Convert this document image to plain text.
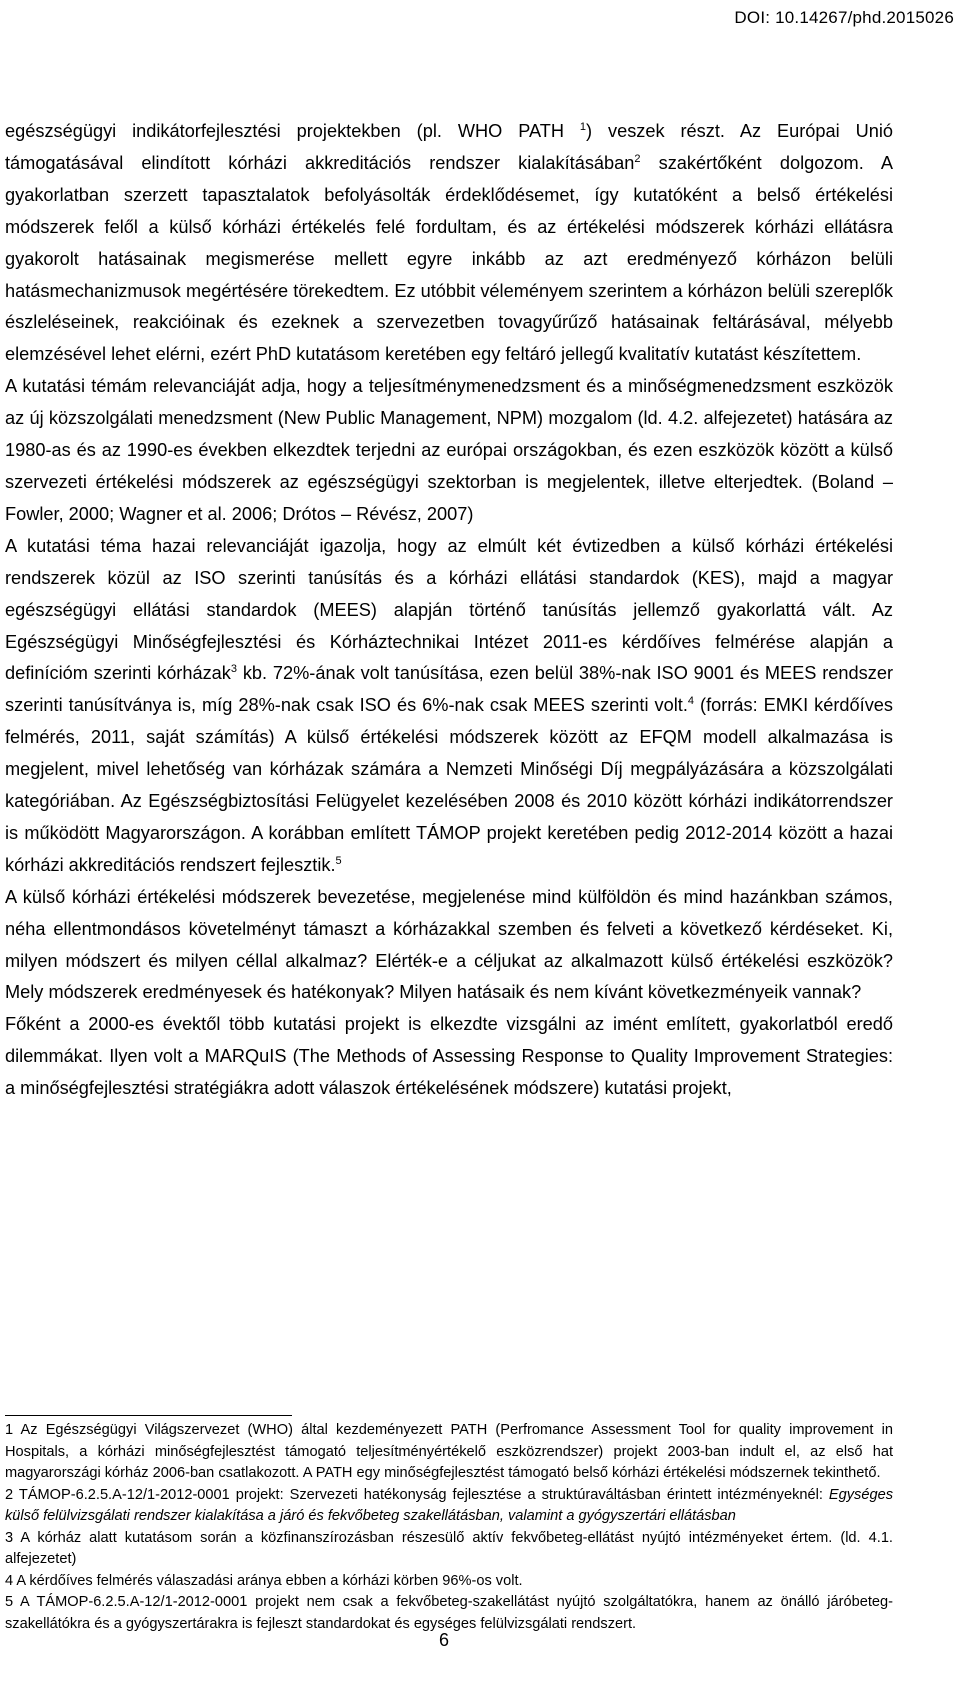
DOI: 10.14267/phd.2015026

egészségügyi indikátorfejlesztési projektekben (pl. WHO PATH $^1$) veszek részt. Az Európai Unió támogatásával elindított kórházi akkreditációs rendszer kialakításában$^2$ szakértőként dolgozom. A gyakorlatban szerzett tapasztalatok befolyásolták érdeklődésemet, így kutatóként a belső értékelési módszerek felől a külső kórházi értékelés felé fordultam, és az értékelési módszerek kórházi ellátásra gyakorolt hatásainak megismerése mellett egyre inkább az azt eredményező kórházon belüli hatásmechanizmusok megértésére törekedtem. Ez utóbbit véleményem szerintem a kórházon belüli szereplők észleléseinek, reakcióinak és ezeknek a szervezetben tovagyűrűző hatásainak feltárásával, mélyebb elemzésével lehet elérni, ezért PhD kutatásom keretében egy feltáró jellegű kvalitatív kutatást készítettem.

A kutatási témám relevanciáját adja, hogy a teljesítménymenedzsment és a minőségmenedzsment eszközök az új közszolgálati menedzsment (New Public Management, NPM) mozgalom (ld. 4.2. alfejezetet) hatására az 1980-as és az 1990-es években elkezdtek terjedni az európai országokban, és ezen eszközök között a külső szervezeti értékelési módszerek az egészségügyi szektorban is megjelentek, illetve elterjedtek. (Boland – Fowler, 2000; Wagner et al. 2006; Drótos – Révész, 2007)

A kutatási téma hazai relevanciáját igazolja, hogy az elmúlt két évtizedben a külső kórházi értékelési rendszerek közül az ISO szerinti tanúsítás és a kórházi ellátási standardok (KES), majd a magyar egészségügyi ellátási standardok (MEES) alapján történő tanúsítás jellemző gyakorlattá vált. Az Egészségügyi Minőségfejlesztési és Kórháztechnikai Intézet 2011-es kérdőíves felmérése alapján a definícióm szerinti kórházak$^3$ kb. 72%-ának volt tanúsítása, ezen belül 38%-nak ISO 9001 és MEES rendszer szerinti tanúsítványa is, míg 28%-nak csak ISO és 6%-nak csak MEES szerinti volt.$^4$ (forrás: EMKI kérdőíves felmérés, 2011, saját számítás) A külső értékelési módszerek között az EFQM modell alkalmazása is megjelent, mivel lehetőség van kórházak számára a Nemzeti Minőségi Díj megpályázására a közszolgálati kategóriában. Az Egészségbiztosítási Felügyelet kezelésében 2008 és 2010 között kórházi indikátorrendszer is működött Magyarországon. A korábban említett TÁMOP projekt keretében pedig 2012-2014 között a hazai kórházi akkreditációs rendszert fejlesztik.$^5$

A külső kórházi értékelési módszerek bevezetése, megjelenése mind külföldön és mind hazánkban számos, néha ellentmondásos követelményt támaszt a kórházakkal szemben és felveti a következő kérdéseket. Ki, milyen módszert és milyen céllal alkalmaz? Elérték-e a céljukat az alkalmazott külső értékelési eszközök? Mely módszerek eredményesek és hatékonyak? Milyen hatásaik és nem kívánt következményeik vannak?

Főként a 2000-es évektől több kutatási projekt is elkezdte vizsgálni az imént említett, gyakorlatból eredő dilemmákat. Ilyen volt a MARQuIS (The Methods of Assessing Response to Quality Improvement Strategies: a minőségfejlesztési stratégiákra adott válaszok értékelésének módszere) kutatási projekt,

1 Az Egészségügyi Világszervezet (WHO) által kezdeményezett PATH (Perfromance Assessment Tool for quality improvement in Hospitals, a kórházi minőségfejlesztést támogató teljesítményértékelő eszközrendszer) projekt 2003-ban indult el, az első hat magyarországi kórház 2006-ban csatlakozott. A PATH egy minőségfejlesztést támogató belső kórházi értékelési módszernek tekinthető.

2 TÁMOP-6.2.5.A-12/1-2012-0001 projekt: Szervezeti hatékonyság fejlesztése a struktúraváltásban érintett intézményeknél: Egységes külső felülvizsgálati rendszer kialakítása a járó és fekvőbeteg szakellátásban, valamint a gyógyszertári ellátásban

3 A kórház alatt kutatásom során a közfinanszírozásban részesülő aktív fekvőbeteg-ellátást nyújtó intézményeket értem. (ld. 4.1. alfejezetet)

4 A kérdőíves felmérés válaszadási aránya ebben a kórházi körben 96%-os volt.

5 A TÁMOP-6.2.5.A-12/1-2012-0001 projekt nem csak a fekvőbeteg-szakellátást nyújtó szolgáltatókra, hanem az önálló járóbeteg-szakellátókra és a gyógyszertárakra is fejleszt standardokat és egységes felülvizsgálati rendszert.

6
